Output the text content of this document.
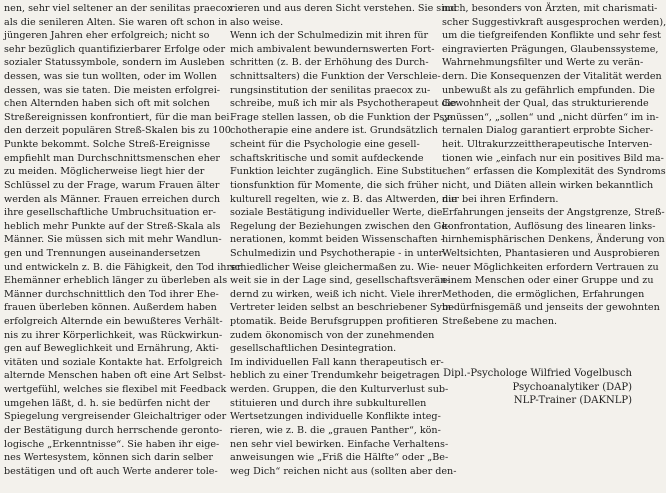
nen, sehr viel seltener an der senilitas praecox
als die senileren Alten. Sie waren oft schon in
jüngeren Jahren eher erfolgreich; nicht so
sehr bezüglich quantifizierbarer Erfolge oder
sozialer Statussymbole, sondern im Ausleben
dessen, was sie tun wollten, oder im Wollen
dessen, was sie taten. Die meisten erfolgrei-
chen Alternden haben sich oft mit solchen
Streßereignissen konfrontiert, für die man bei
den derzeit populären Streß-Skalen bis zu 100
Punkte bekommt. Solche Streß-Ereignisse
empfiehlt man Durchschnittsmenschen eher
zu meiden. Möglicherweise liegt hier der
Schlüssel zu der Frage, warum Frauen älter
werden als Männer. Frauen erreichen durch
ihre gesellschaftliche Umbruchsituation er-
heblich mehr Punkte auf der Streß-Skala als
Männer. Sie müssen sich mit mehr Wandlun-
gen und Trennungen auseinandersetzen
und entwickeln z. B. die Fähigkeit, den Tod ihrer
Ehemänner erheblich länger zu überleben als
Männer durchschnittlich den Tod ihrer Ehe-
frauen überleben können. Außerdem haben
erfolgreich Alternde ein bewußteres Verhält-
nis zu ihrer Körperlichkeit, was Rückwirkun-
gen auf Beweglichkeit und Ernährung, Akti-
vitäten und soziale Kontakte hat. Erfolgreich
alternde Menschen haben oft eine Art Selbst-
wertgefühl, welches sie flexibel mit Feedback
umgehen läßt, d. h. sie bedürfen nicht der
Spiegelung vergreisender Gleichaltriger oder
der Bestätigung durch herrschende geronto-
logische „Erkenntnisse“. Sie haben ihr eige-
nes Wertesystem, können sich darin selber
bestätigen und oft auch Werte anderer tole-
rieren und aus deren Sicht verstehen. Sie sind
also weise.
Wenn ich der Schulmedizin mit ihren für
mich ambivalent bewundernswerten Fort-
schritten (z. B. der Erhöhung des Durch-
schnittsalters) die Funktion der Verschleie-
rungsinstitution der senilitas praecox zu-
schreibe, muß ich mir als Psychotherapeut die
Frage stellen lassen, ob die Funktion der Psy-
chotherapie eine andere ist. Grundsätzlich
scheint für die Psychologie eine gesell-
schaftskritische und somit aufdeckende
Funktion leichter zugänglich. Eine Substitu-
tionsfunktion für Momente, die sich früher
kulturell regelten, wie z. B. das Altwerden, die
soziale Bestätigung individueller Werte, die
Regelung der Beziehungen zwischen den Ge-
nerationen, kommt beiden Wissenschaften -
Schulmedizin und Psychotherapie - in unter-
schiedlicher Weise gleichermaßen zu. Wie-
weit sie in der Lage sind, gesellschaftsverän-
dernd zu wirken, weiß ich nicht. Viele ihrer
Vertreter leiden selbst an beschriebener Sym-
ptomatik. Beide Berufsgruppen profitieren
zudem ökonomisch von der zunehmenden
gesellschaftlichen Desintegration.
Im individuellen Fall kann therapeutisch er-
heblich zu einer Trendumkehr beigetragen
werden. Gruppen, die den Kulturverlust sub-
stituieren und durch ihre subkulturellen
Wertsetzungen individuelle Konflikte integ-
rieren, wie z. B. die „grauen Panther“, kön-
nen sehr viel bewirken. Einfache Verhaltens-
anweisungen wie „Friß die Hälfte“ oder „Be-
weg Dich“ reichen nicht aus (sollten aber den-
noch, besonders von Ärzten, mit charismati-
scher Suggestivkraft ausgesprochen werden),
um die tiefgreifenden Konflikte und sehr fest
eingravierten Prägungen, Glaubenssysteme,
Wahrnehmungsfilter und Werte zu verän-
dern. Die Konsequenzen der Vitalität werden
unbewußt als zu gefährlich empfunden. Die
Gewohnheit der Qual, das strukturierende
„müssen“, „sollen“ und „nicht dürfen“ im in-
ternalen Dialog garantiert erprobte Sicher-
heit. Ultrakurzzeittherapeutische Interven-
tionen wie „einfach nur ein positives Bild ma-
chen“ erfassen die Komplexität des Syndroms
nicht, und Diäten allein wirken bekanntlich
nur bei ihren Erfindern.
Erfahrungen jenseits der Angstgrenze, Streß-
konfrontation, Auflösung des linearen links-
hirnhemisphärischen Denkens, Änderung von
Weltsichten, Phantasieren und Ausprobieren
neuer Möglichkeiten erfordern Vertrauen zu
einem Menschen oder einer Gruppe und zu
Methoden, die ermöglichen, Erfahrungen
bedürfnisgemäß und jenseits der gewohnten
Streßebene zu machen.
Dipl.-Psychologe Wilfried Vogelbusch
Psychoanalytiker (DAP)
NLP-Trainer (DAKNLP)
